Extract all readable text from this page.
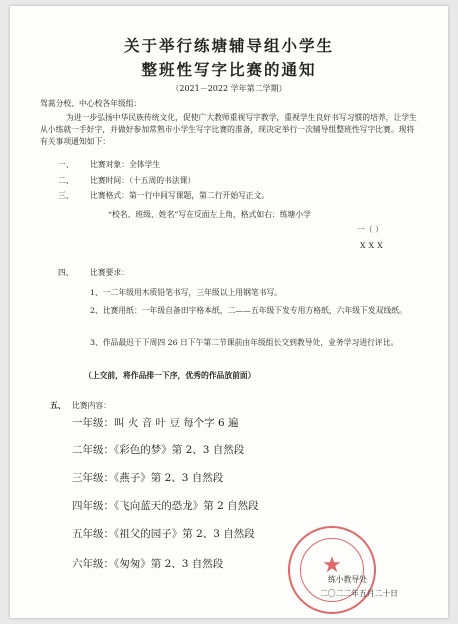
关于举行练塘辅导组小学生
整班性写字比赛的通知
（2021－2022 学年第二学期）
驾蒿分校、中心校各年级组：
为进一步弘扬中华民族传统文化，促使广大教师重视写字教学，重视学生良好书写习惯的培养，让学生从小练就一手好字，并做好参加常熟市小学生写字比赛的准备，现决定举行一次辅导组整班性写字比赛。现将有关事项通知如下：
一、 比赛对象：全体学生
二、 比赛时间：（十五周的书法课）
三、 比赛格式：第一行中间写课题，第二行开始写正文。
“校名、班级、姓名”写在反面左上角，格式如右：练塘小学
一（ ）
XXX
四、 比赛要求：
1、一二年级用木质铅笔书写，三年级以上用钢笔书写。
2、比赛用纸：一年级自备田字格本纸，二——五年级下发专用方格纸，六年级下发双线纸。
3、作品最迟于下周四 26 日下午第二节课前由年级组长交到教导处，业务学习进行评比。
（上交前，将作品排一下序，优秀的作品放前面）
五、 比赛内容：
一年级：叫 火 音 叶 豆 每个字 6 遍
二年级：《彩色的梦》第 2、3 自然段
三年级：《燕子》第 2、3 自然段
四年级：《飞向蓝天的恐龙》第 2 自然段
五年级：《祖父的园子》第 2、3 自然段
六年级：《匆匆》第 2、3 自然段	★
练小教导处
二〇二二年五月二十日
